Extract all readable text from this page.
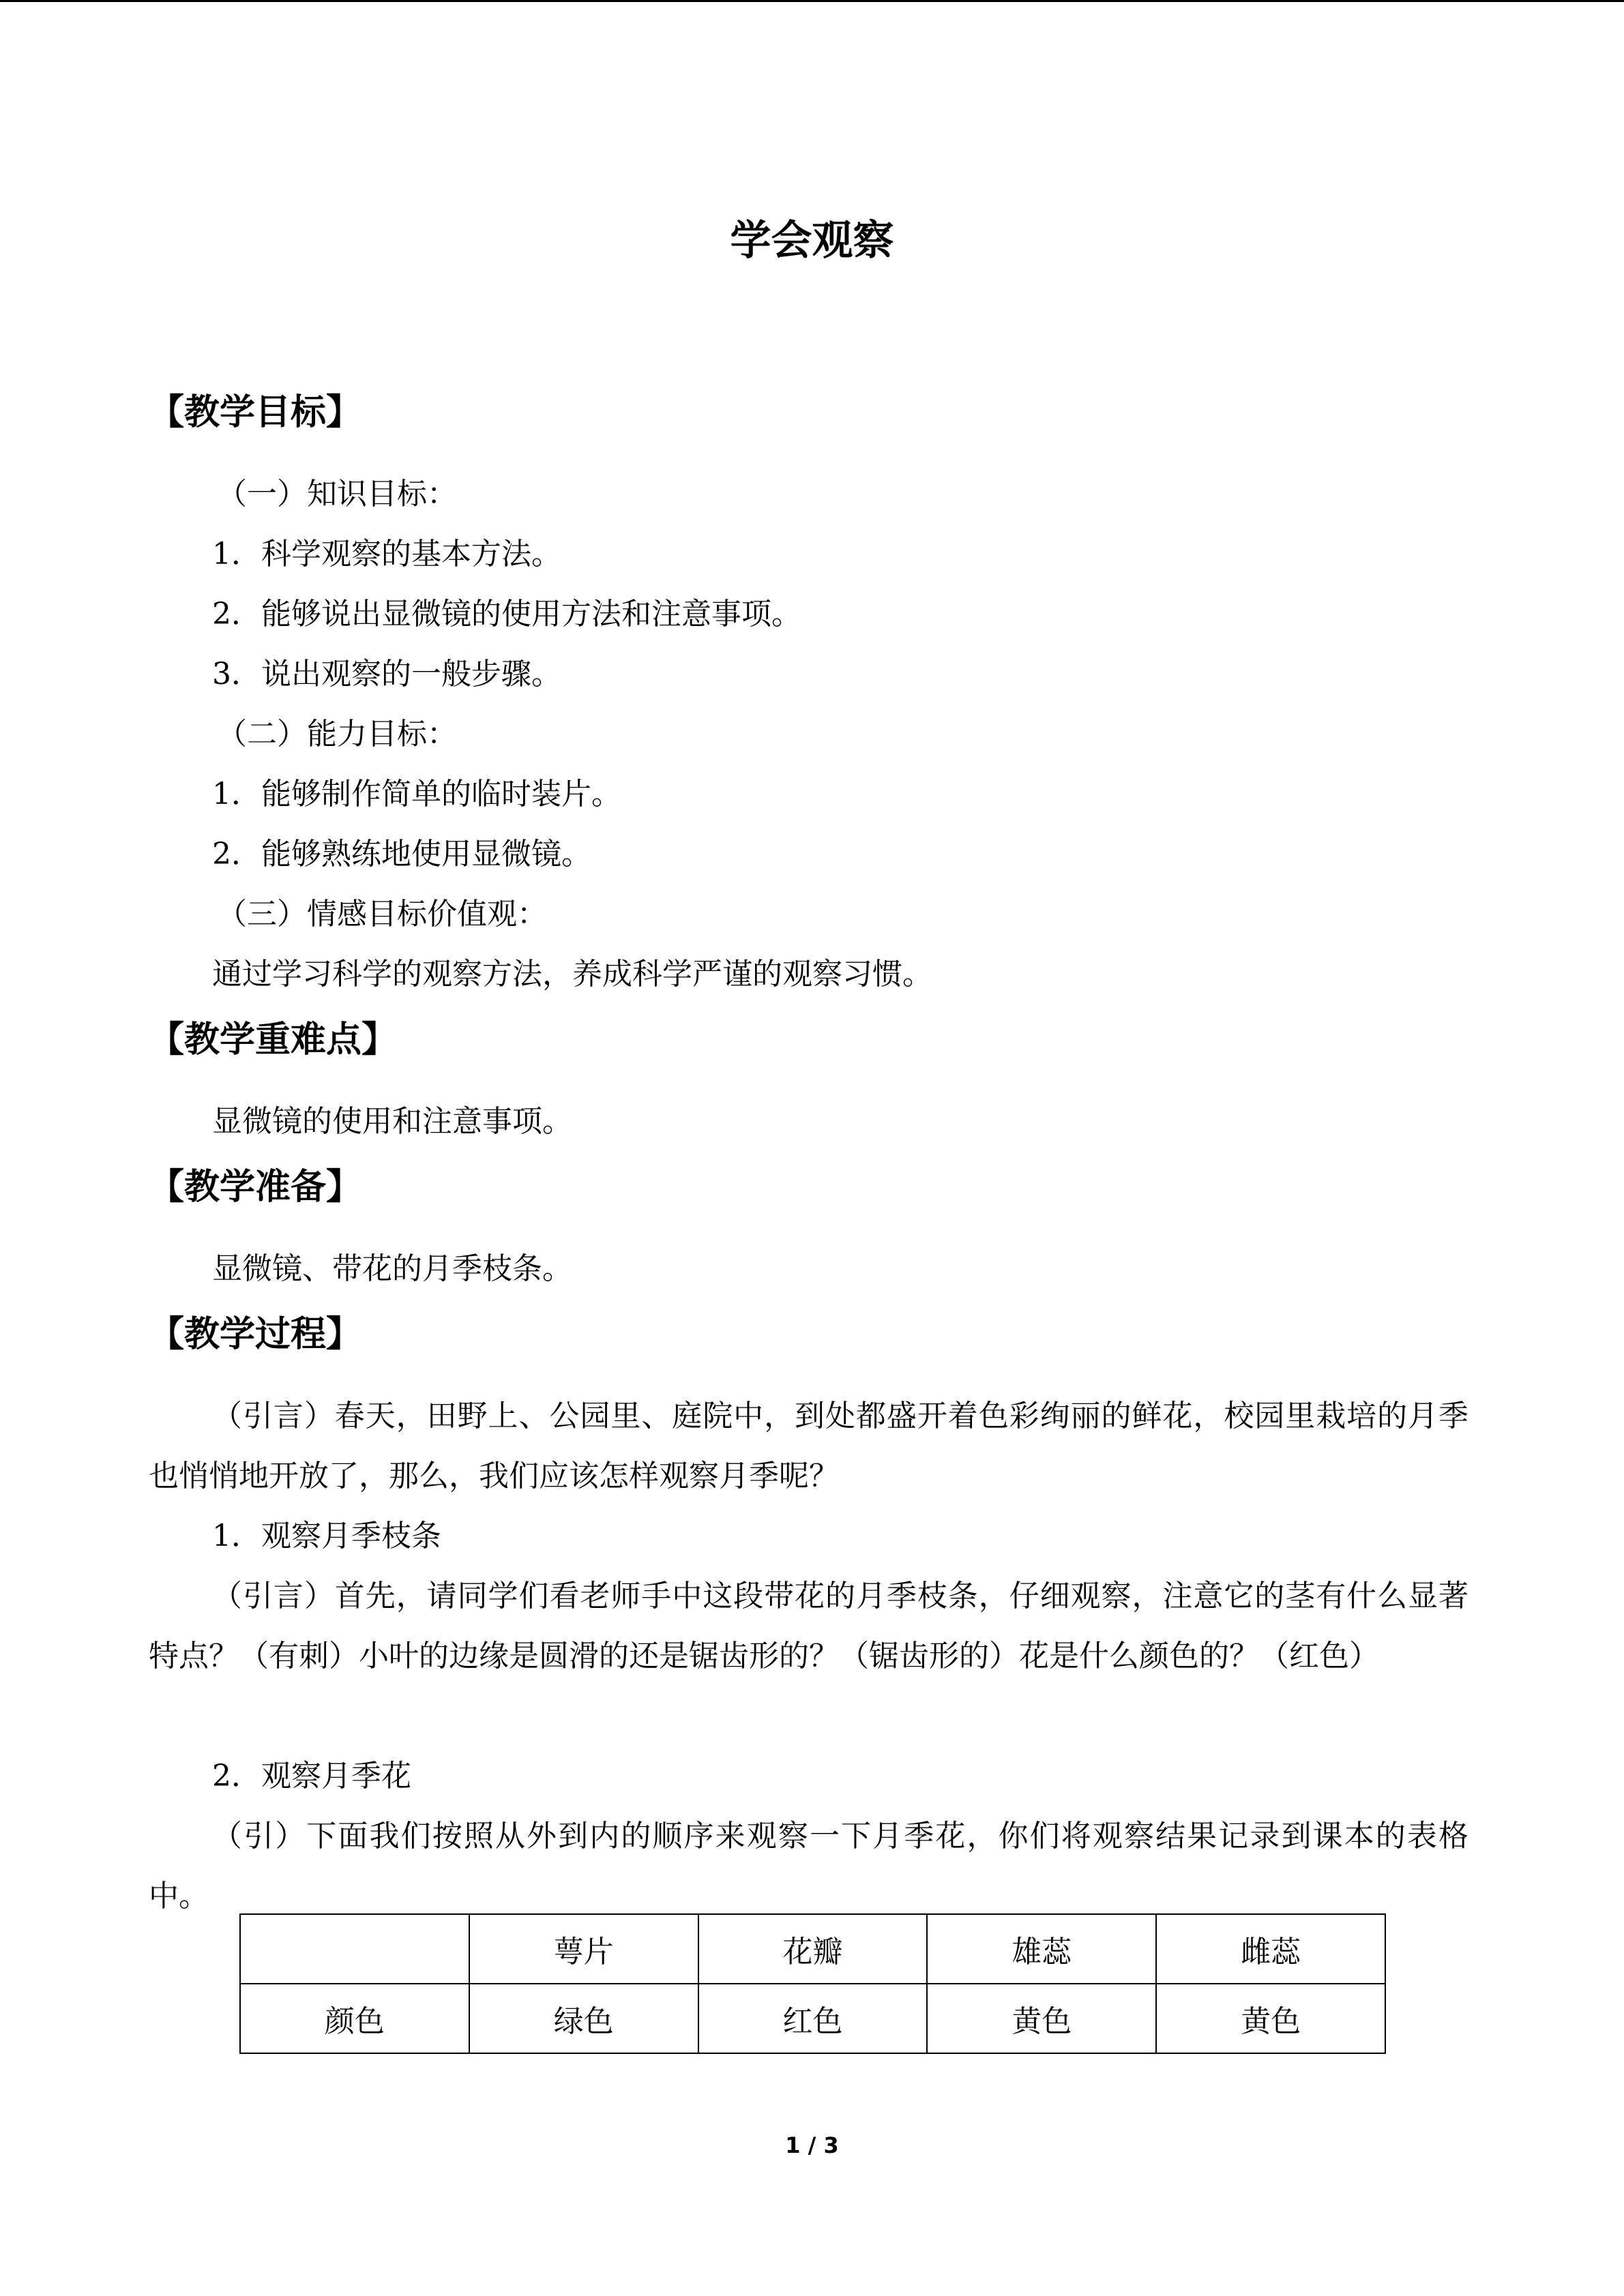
学会观察
【教学目标】
（一）知识目标：
1．科学观察的基本方法。
2．能够说出显微镜的使用方法和注意事项。
3．说出观察的一般步骤。
（二）能力目标：
1．能够制作简单的临时装片。
2．能够熟练地使用显微镜。
（三）情感目标价值观：
通过学习科学的观察方法，养成科学严谨的观察习惯。
【教学重难点】
显微镜的使用和注意事项。
【教学准备】
显微镜、带花的月季枝条。
【教学过程】
（引言）春天，田野上、公园里、庭院中，到处都盛开着色彩绚丽的鲜花，校园里栽培的月季也悄悄地开放了，那么，我们应该怎样观察月季呢？
1．观察月季枝条
（引言）首先，请同学们看老师手中这段带花的月季枝条，仔细观察，注意它的茎有什么显著特点？（有刺）小叶的边缘是圆滑的还是锯齿形的？（锯齿形的）花是什么颜色的？（红色）
2．观察月季花
（引）下面我们按照从外到内的顺序来观察一下月季花，你们将观察结果记录到课本的表格中。
	萼片	花瓣	雄蕊	雌蕊
颜色	绿色	红色	黄色	黄色
1 / 3
